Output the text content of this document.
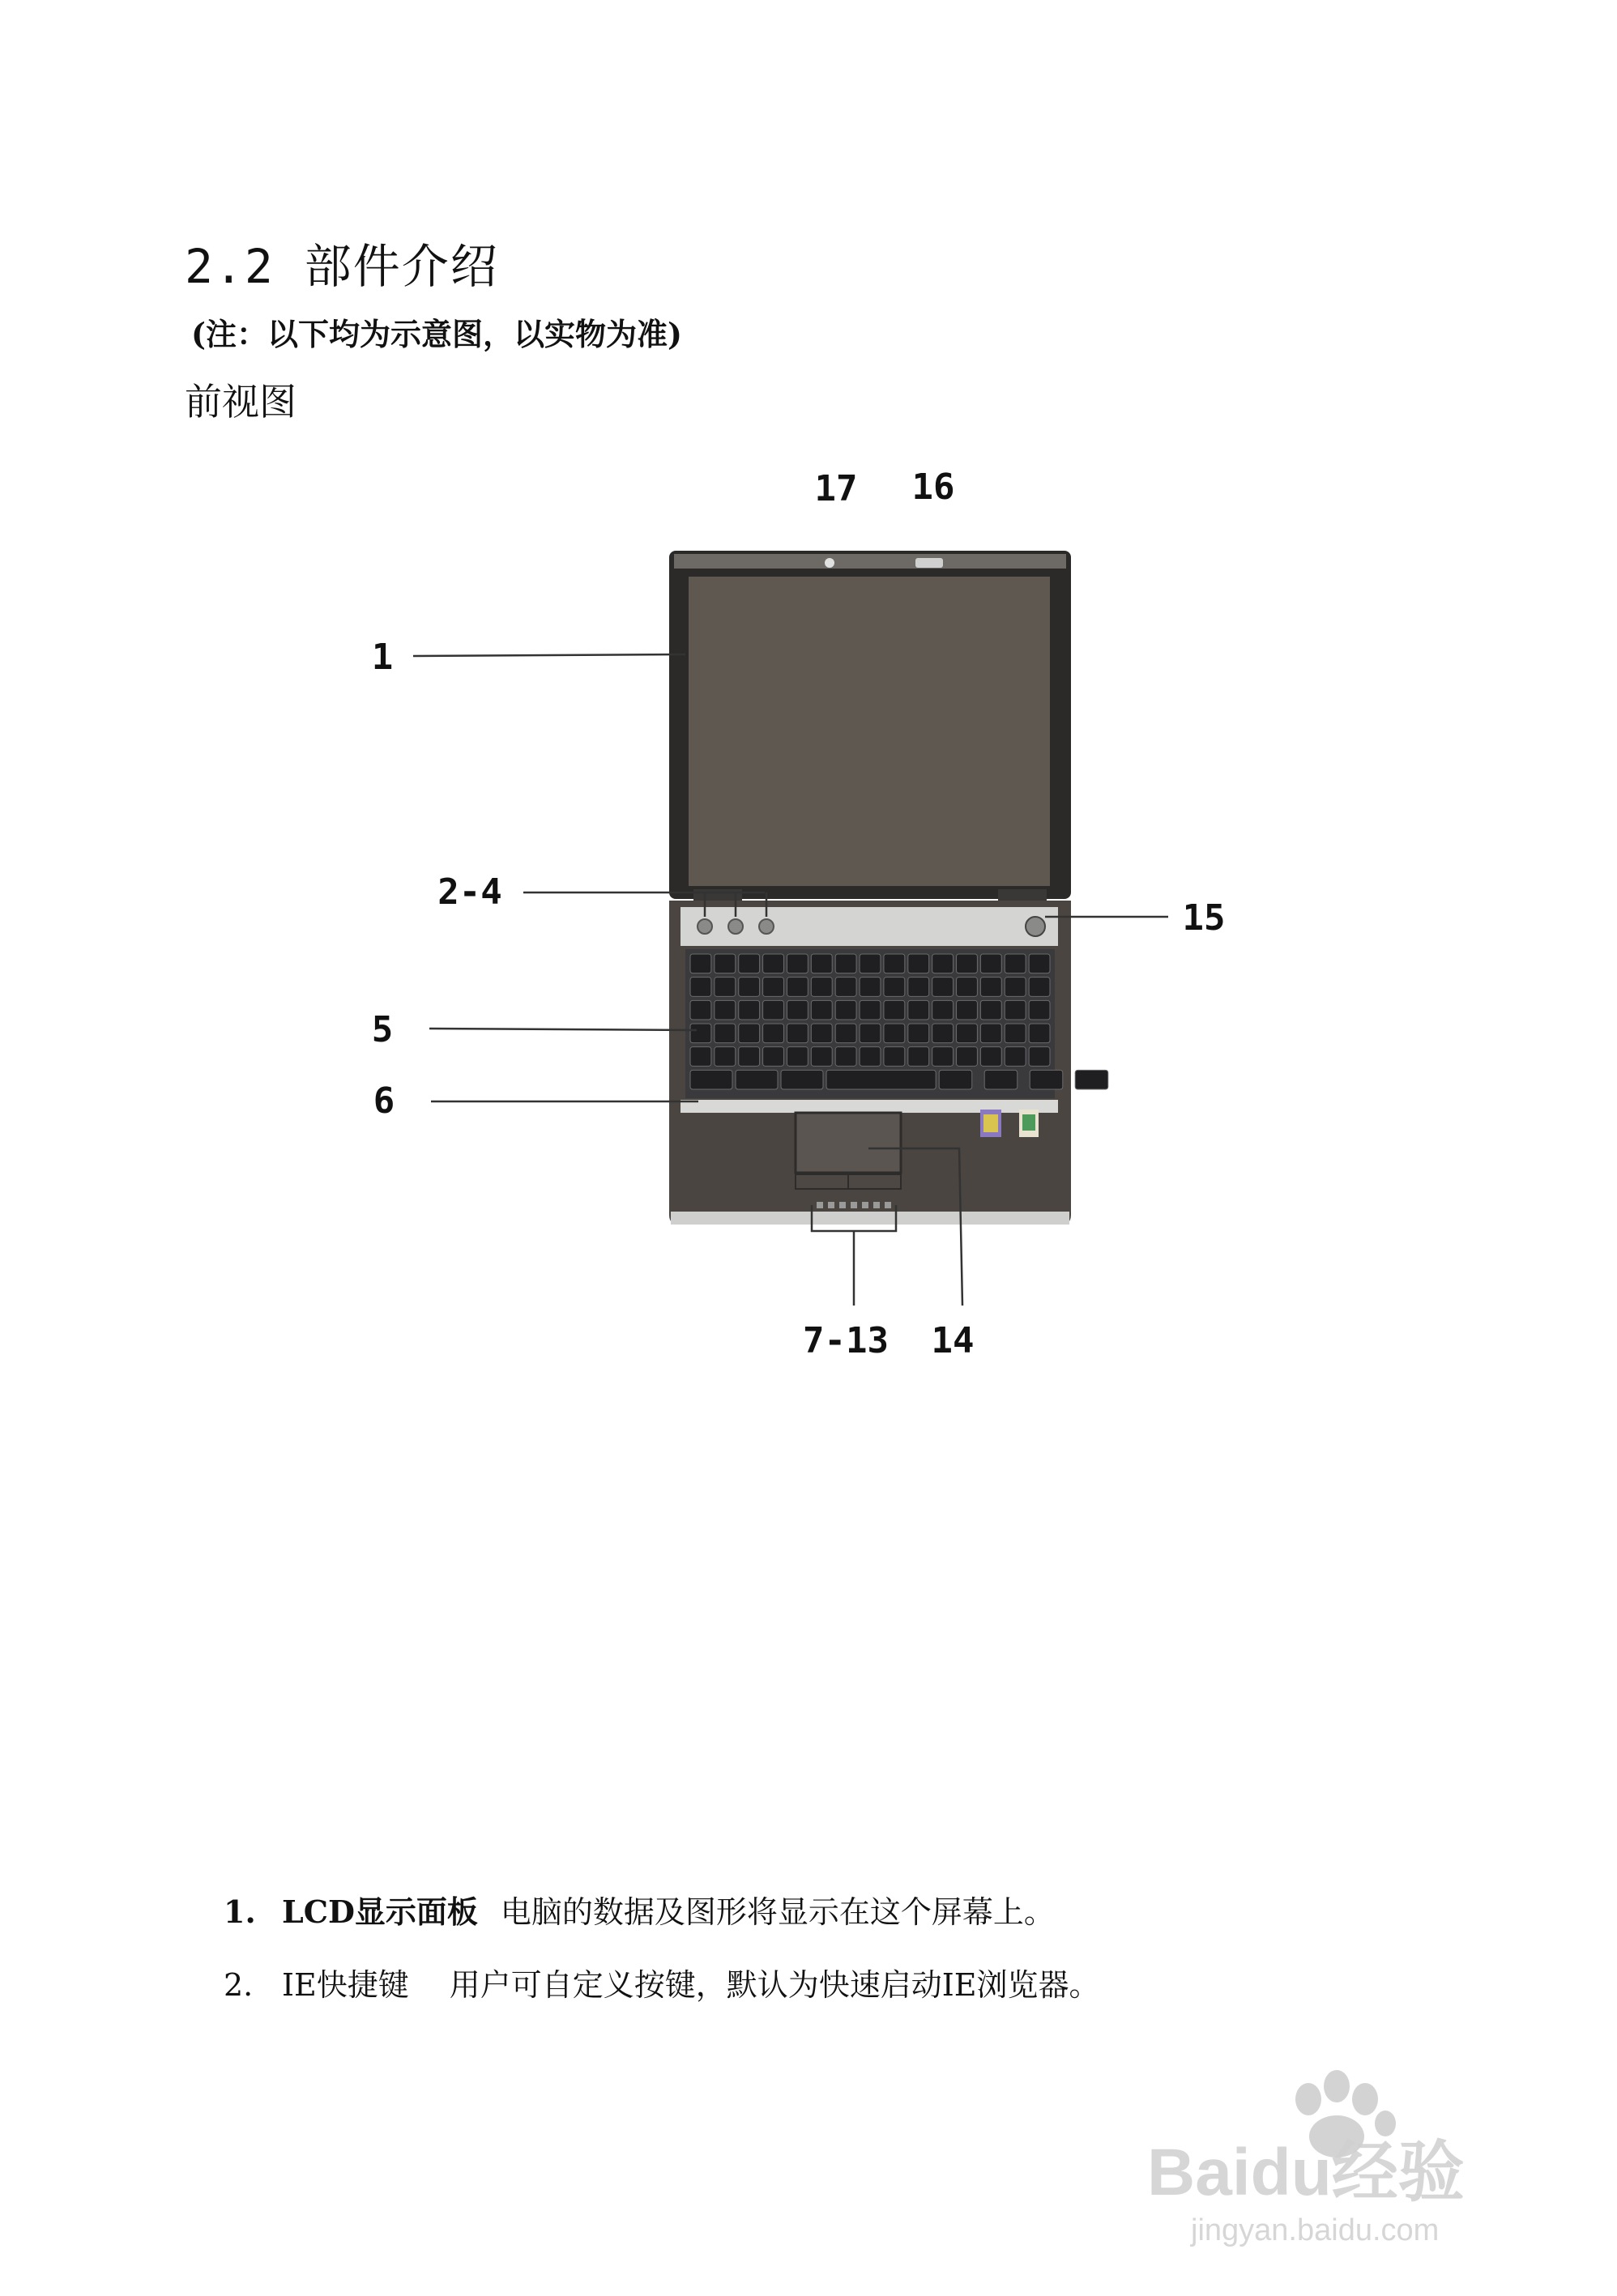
2.2 部件介绍
(注：以下均为示意图，以实物为准)
前视图
17 16
1
2-4
15
5
6
7-13 14
1. LCD显示面板 电脑的数据及图形将显示在这个屏幕上。
2. IE快捷键 用户可自定义按键，默认为快速启动IE浏览器。
Baidu经验
jingyan.baidu.com
